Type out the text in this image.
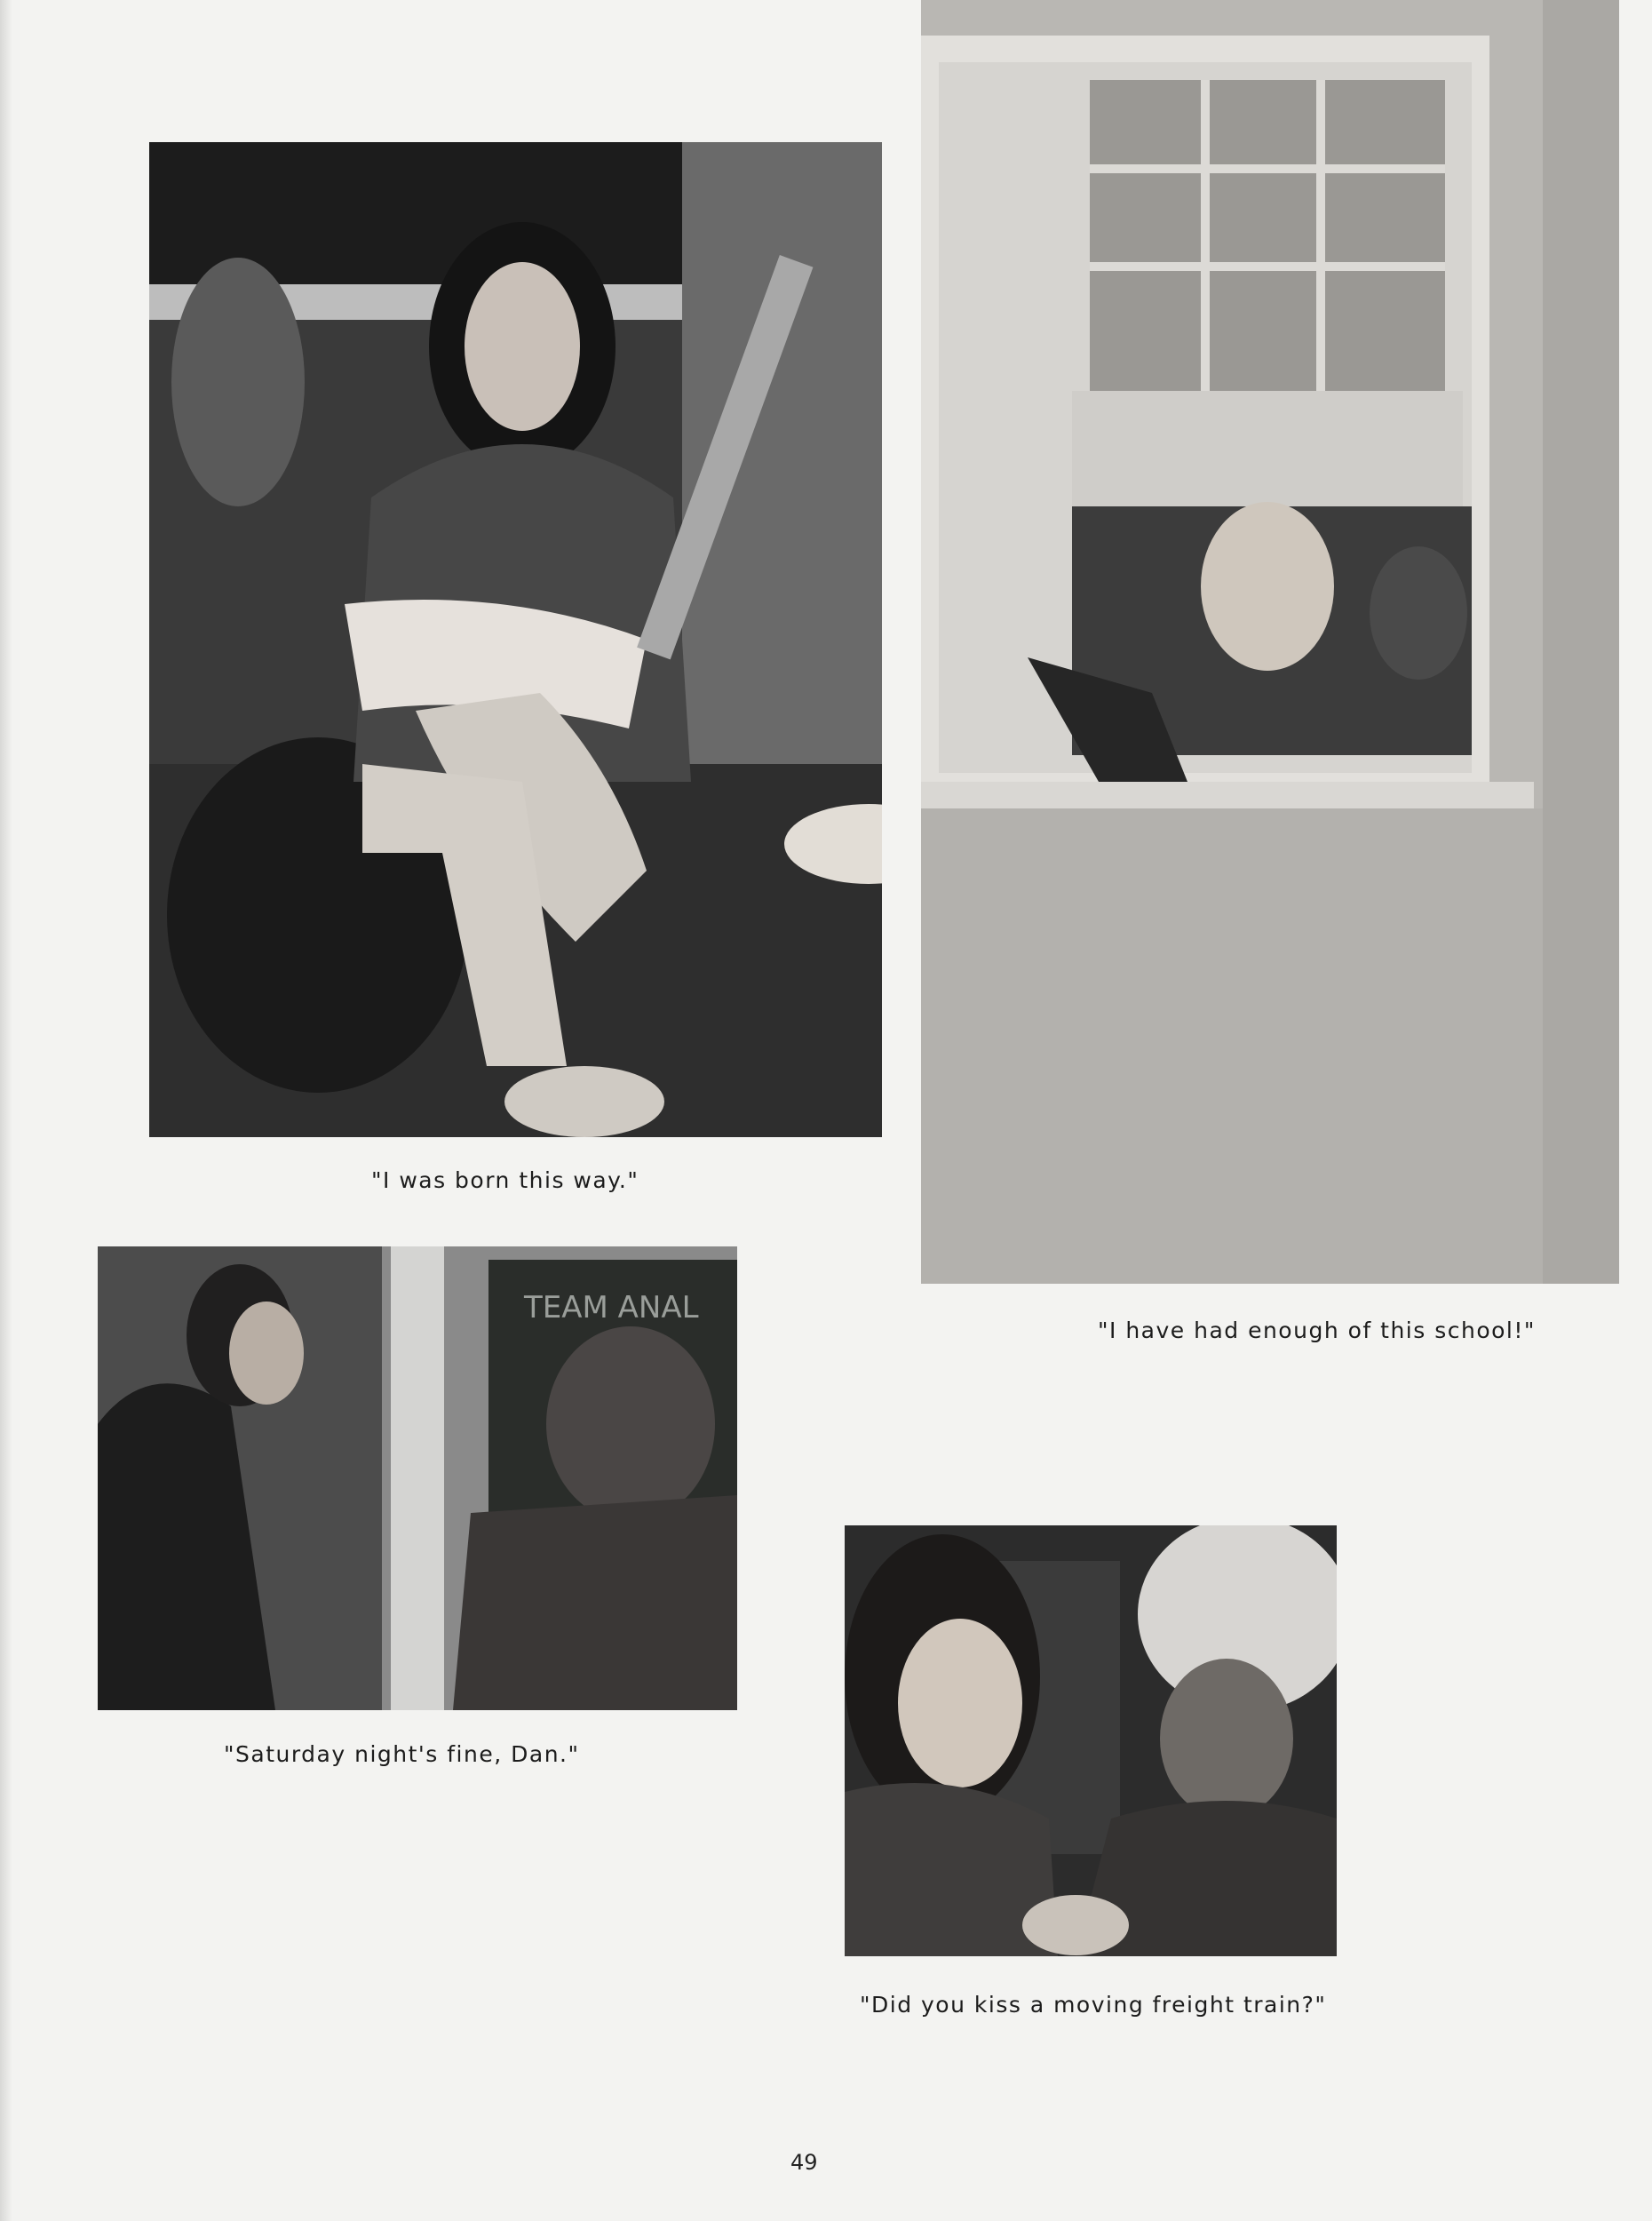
"I was born this way."
"I have had enough of this school!"
TEAM ANAL
"Saturday night's fine, Dan."
"Did you kiss a moving freight train?"
49
